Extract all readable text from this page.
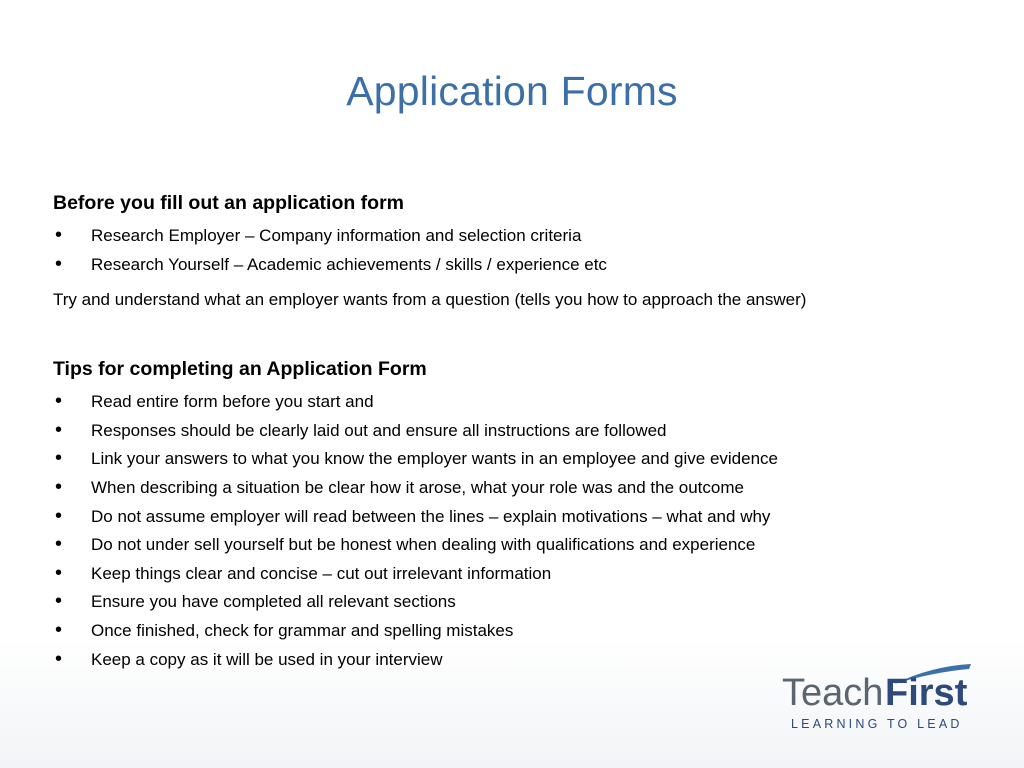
Application Forms
Before you fill out an application form
• Research Employer – Company information and selection criteria
• Research Yourself – Academic achievements / skills / experience etc
Try and understand what an employer wants from a question (tells you how to approach the answer)
Tips for completing an Application Form
• Read entire form before you start and
• Responses should be clearly laid out and ensure all instructions are followed
• Link your answers to what you know the employer wants in an employee and give evidence
• When describing a situation be clear how it arose, what your role was and the outcome
• Do not assume employer will read between the lines – explain motivations – what and why
• Do not under sell yourself but be honest when dealing with qualifications and experience
• Keep things clear and concise – cut out irrelevant information
• Ensure you have completed all relevant sections
• Once finished, check for grammar and spelling mistakes
• Keep a copy as it will be used in your interview
Teach First
LEARNING TO LEAD
